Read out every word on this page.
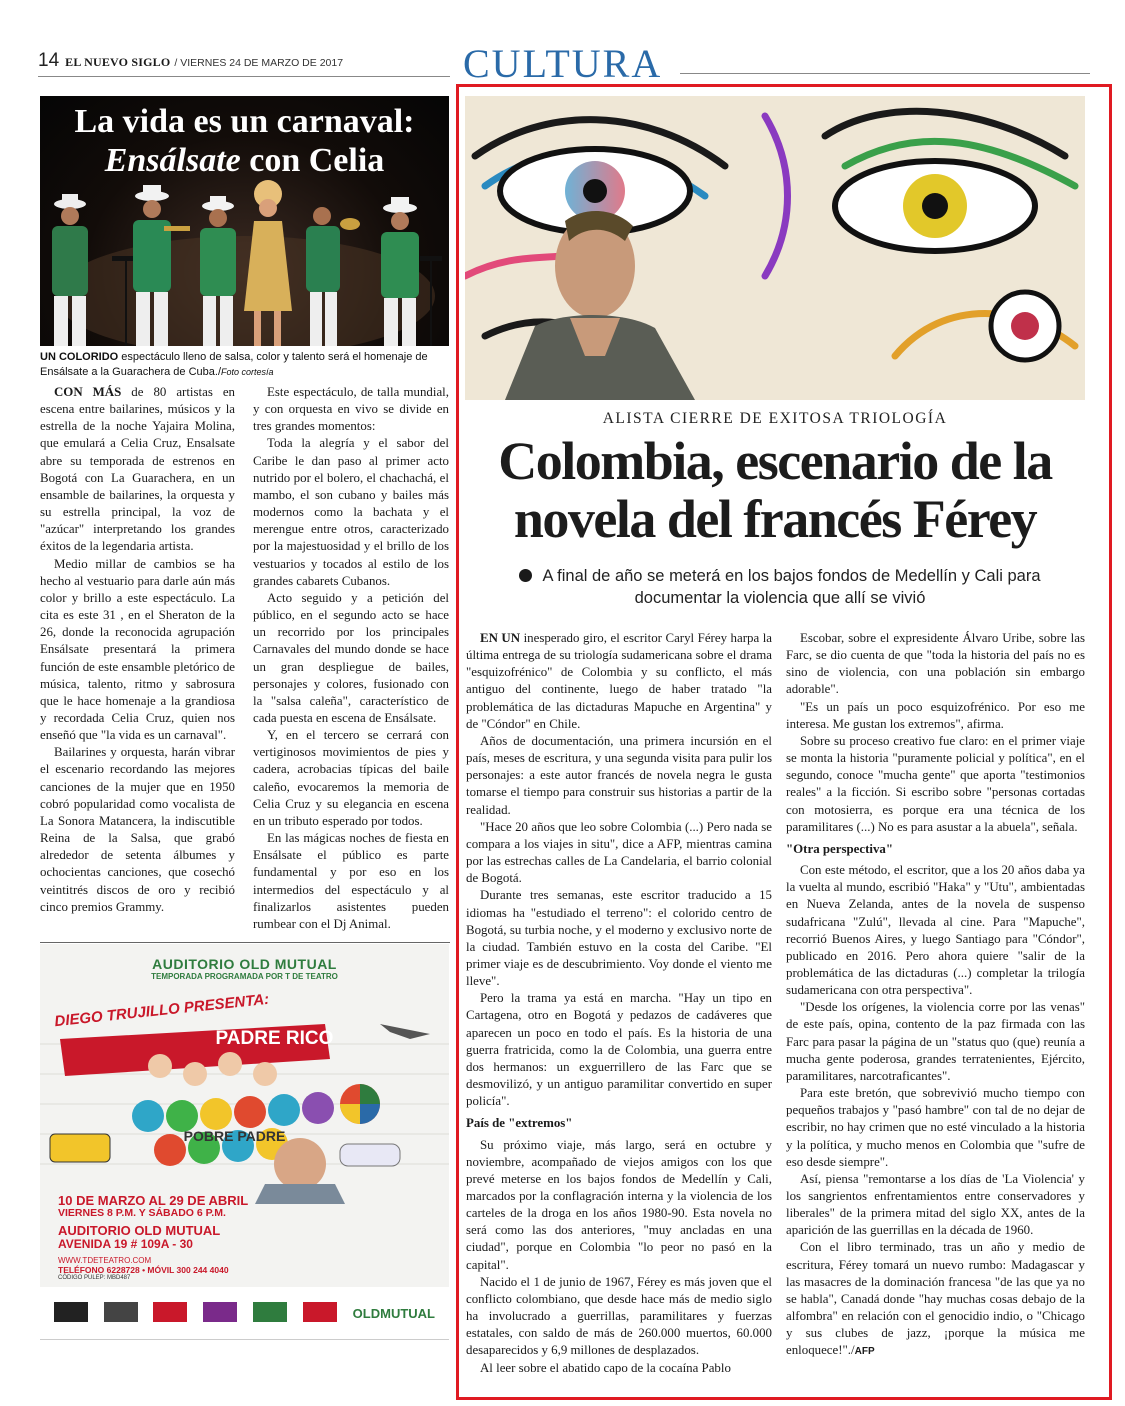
14 EL NUEVO SIGLO / VIERNES 24 DE MARZO DE 2017	CULTURA
La vida es un carnaval:
Ensálsate con Celia
UN COLORIDO espectáculo lleno de salsa, color y talento será el homenaje de Ensálsate a la Guarachera de Cuba./Foto cortesía

CON MÁS de 80 artistas en escena entre bailarines, músicos y la estrella de la noche Yajaira Molina, que emulará a Celia Cruz, Ensalsate abre su temporada de estrenos en Bogotá con La Guarachera, en un ensamble de bailarines, la orquesta y su estrella principal, la voz de "azúcar" interpretando los grandes éxitos de la legendaria artista.

Medio millar de cambios se ha hecho al vestuario para darle aún más color y brillo a este espectáculo. La cita es este 31 , en el Sheraton de la 26, donde la reconocida agrupación Ensálsate presentará la primera función de este ensamble pletórico de música, talento, ritmo y sabrosura que le hace homenaje a la grandiosa y recordada Celia Cruz, quien nos enseñó que "la vida es un carnaval".

Bailarines y orquesta, harán vibrar el escenario recordando las mejores canciones de la mujer que en 1950 cobró popularidad como vocalista de La Sonora Matancera, la indiscutible Reina de la Salsa, que grabó alrededor de setenta álbumes y ochocientas canciones, que cosechó veintitrés discos de oro y recibió cinco premios Grammy.

Este espectáculo, de talla mundial, y con orquesta en vivo se divide en tres grandes momentos:

Toda la alegría y el sabor del Caribe le dan paso al primer acto nutrido por el bolero, el chachachá, el mambo, el son cubano y bailes más modernos como la bachata y el merengue entre otros, caracterizado por la majestuosidad y el brillo de los vestuarios y tocados al estilo de los grandes cabarets Cubanos.

Acto seguido y a petición del público, en el segundo acto se hace un recorrido por los principales Carnavales del mundo donde se hace un gran despliegue de bailes, personajes y colores, fusionado con la "salsa caleña", característico de cada puesta en escena de Ensálsate.

Y, en el tercero se cerrará con vertiginosos movimientos de pies y cadera, acrobacias típicas del baile caleño, evocaremos la memoria de Celia Cruz y su elegancia en escena en un tributo esperado por todos.

En las mágicas noches de fiesta en Ensálsate el público es parte fundamental y por eso en los intermedios del espectáculo y al finalizarlos asistentes pueden rumbear con el Dj Animal.

AUDITORIO OLD MUTUAL
TEMPORADA PROGRAMADA POR T DE TEATRO
DIEGO TRUJILLO PRESENTA:
PADRE RICO
POBRE PADRE
10 DE MARZO AL 29 DE ABRIL
VIERNES 8 P.M. Y SÁBADO 6 P.M.
AUDITORIO OLD MUTUAL
AVENIDA 19 # 109A - 30
WWW.TDETEATRO.COM
TELÉFONO 6228728 • MÓVIL 300 244 4040
CÓDIGO PULEP: MBD487
OLDMUTUAL
ALISTA CIERRE DE EXITOSA TRIOLOGÍA
Colombia, escenario de la novela del francés Férey
A final de año se meterá en los bajos fondos de Medellín y Cali para documentar la violencia que allí se vivió

EN UN inesperado giro, el escritor Caryl Férey harpa la última entrega de su triología sudamericana sobre el drama "esquizofrénico" de Colombia y su conflicto, el más antiguo del continente, luego de haber tratado "la problemática de las dictaduras Mapuche en Argentina" y de "Cóndor" en Chile.

Años de documentación, una primera incursión en el país, meses de escritura, y una segunda visita para pulir los personajes: a este autor francés de novela negra le gusta tomarse el tiempo para construir sus historias a partir de la realidad.

"Hace 20 años que leo sobre Colombia (...) Pero nada se compara a los viajes in situ", dice a AFP, mientras camina por las estrechas calles de La Candelaria, el barrio colonial de Bogotá.

Durante tres semanas, este escritor traducido a 15 idiomas ha "estudiado el terreno": el colorido centro de Bogotá, su turbia noche, y el moderno y exclusivo norte de la ciudad. También estuvo en la costa del Caribe. "El primer viaje es de descubrimiento. Voy donde el viento me lleve".

Pero la trama ya está en marcha. "Hay un tipo en Cartagena, otro en Bogotá y pedazos de cadáveres que aparecen un poco en todo el país. Es la historia de una guerra fratricida, como la de Colombia, una guerra entre dos hermanos: un exguerrillero de las Farc que se desmovilizó, y un antiguo paramilitar convertido en super policía".

País de "extremos"

Su próximo viaje, más largo, será en octubre y noviembre, acompañado de viejos amigos con los que prevé meterse en los bajos fondos de Medellín y Cali, marcados por la conflagración interna y la violencia de los carteles de la droga en los años 1980-90. Esta novela no será como las dos anteriores, "muy ancladas en una ciudad", porque en Colombia "lo peor no pasó en la capital".

Nacido el 1 de junio de 1967, Férey es más joven que el conflicto colombiano, que desde hace más de medio siglo ha involucrado a guerrillas, paramilitares y fuerzas estatales, con saldo de más de 260.000 muertos, 60.000 desaparecidos y 6,9 millones de desplazados.

Al leer sobre el abatido capo de la cocaína Pablo

Escobar, sobre el expresidente Álvaro Uribe, sobre las Farc, se dio cuenta de que "toda la historia del país no es sino de violencia, con una población sin embargo adorable".

"Es un país un poco esquizofrénico. Por eso me interesa. Me gustan los extremos", afirma.

Sobre su proceso creativo fue claro: en el primer viaje se monta la historia "puramente policial y política", en el segundo, conoce "mucha gente" que aporta "testimonios reales" a la ficción. Si escribo sobre "personas cortadas con motosierra, es porque era una técnica de los paramilitares (...) No es para asustar a la abuela", señala.

"Otra perspectiva"

Con este método, el escritor, que a los 20 años daba ya la vuelta al mundo, escribió "Haka" y "Utu", ambientadas en Nueva Zelanda, antes de la novela de suspenso sudafricana "Zulú", llevada al cine. Para "Mapuche", recorrió Buenos Aires, y luego Santiago para "Cóndor", publicado en 2016. Pero ahora quiere "salir de la problemática de las dictaduras (...) completar la trilogía sudamericana con otra perspectiva".

"Desde los orígenes, la violencia corre por las venas" de este país, opina, contento de la paz firmada con las Farc para pasar la página de un "status quo (que) reunía a mucha gente poderosa, grandes terratenientes, Ejército, paramilitares, narcotraficantes".

Para este bretón, que sobrevivió mucho tiempo con pequeños trabajos y "pasó hambre" con tal de no dejar de escribir, no hay crimen que no esté vinculado a la historia y la política, y mucho menos en Colombia que "sufre de eso desde siempre".

Así, piensa "remontarse a los días de 'La Violencia' y los sangrientos enfrentamientos entre conservadores y liberales" de la primera mitad del siglo XX, antes de la aparición de las guerrillas en la década de 1960.

Con el libro terminado, tras un año y medio de escritura, Férey tomará un nuevo rumbo: Madagascar y las masacres de la dominación francesa "de las que ya no se habla", Canadá donde "hay muchas cosas debajo de la alfombra" en relación con el genocidio indio, o "Chicago y sus clubes de jazz, ¡porque la música me enloquece!"./AFP
